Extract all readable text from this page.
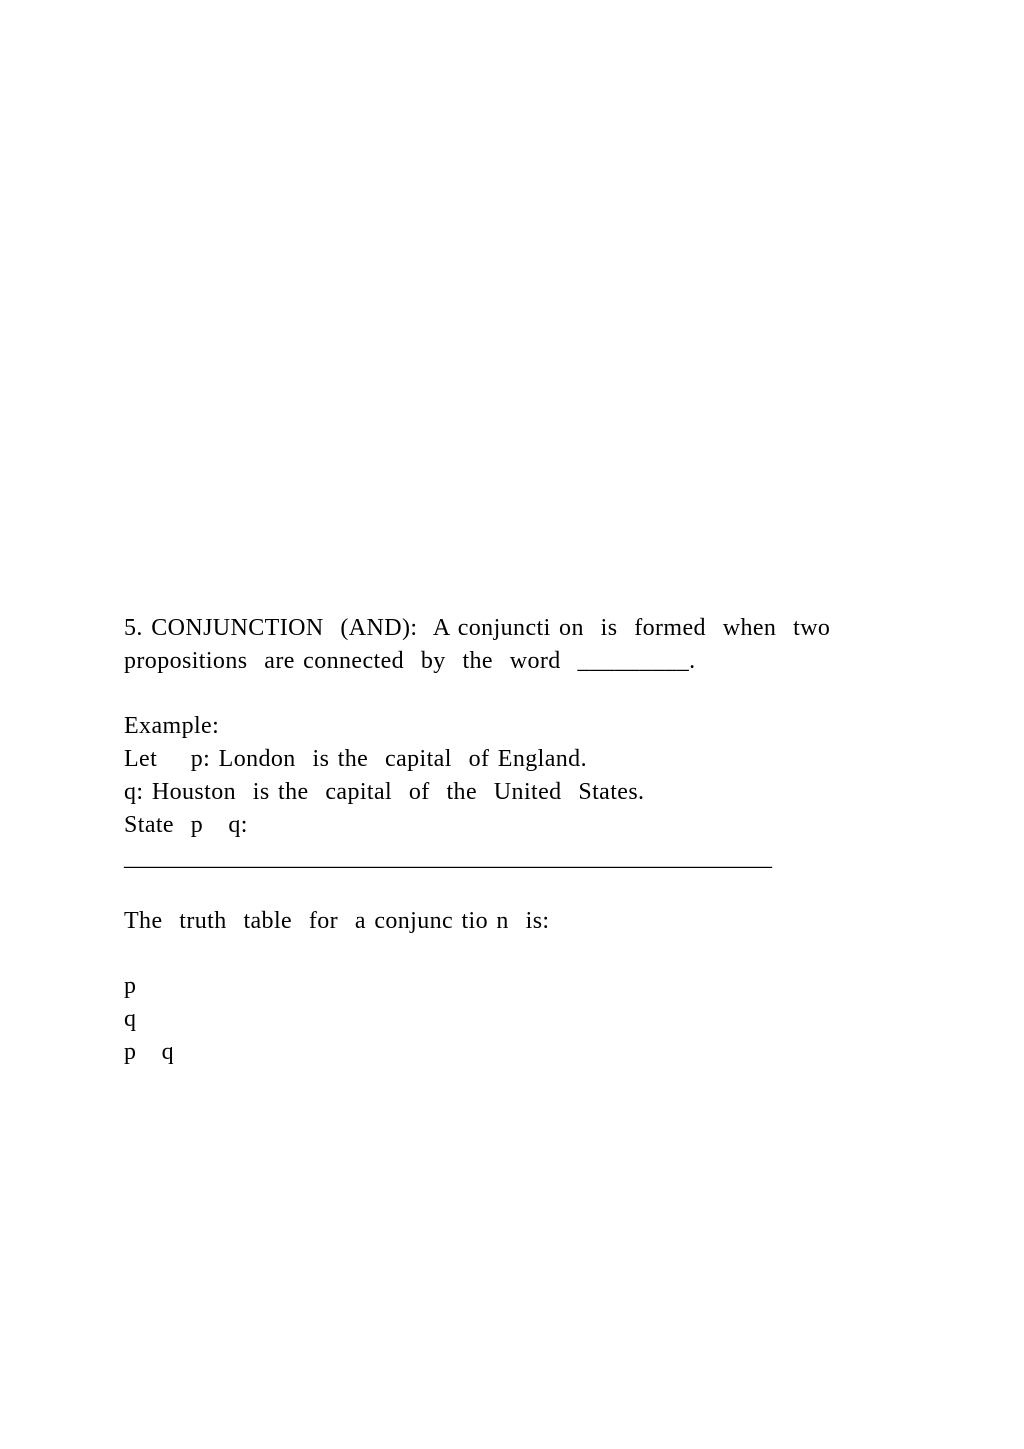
5. CONJUNCTION  (AND):  A conjuncti on  is  formed  when  two
propositions  are connected  by  the  word  _________.
Example:
Let    p: London  is the  capital  of England.
q: Houston  is the  capital  of  the  United  States.
State  p   q:
______________________________________________________
The  truth  table  for  a conjunc tio n  is:
p
q
p   q
